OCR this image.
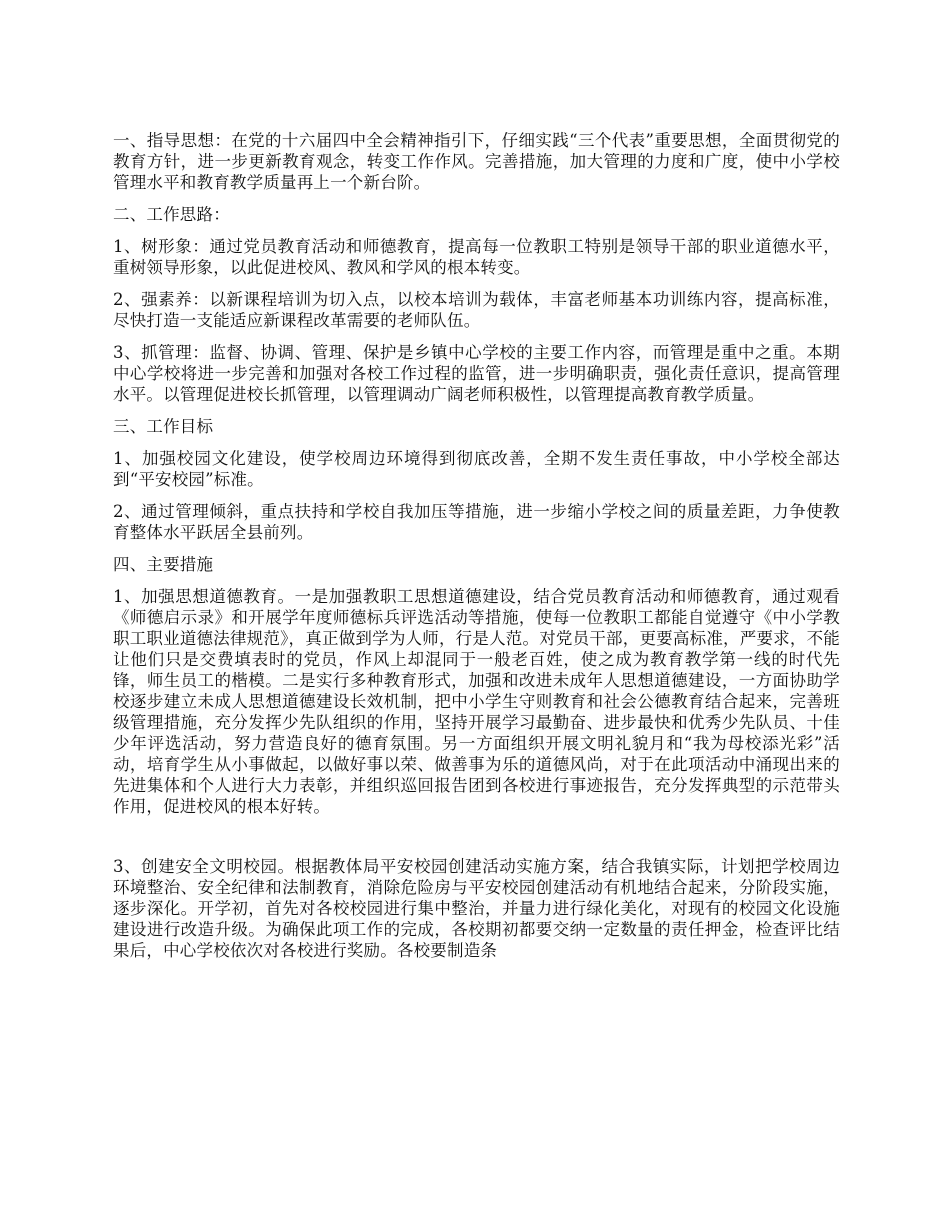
一、指导思想：在党的十六届四中全会精神指引下，仔细实践“三个代表”重要思想，全面贯彻党的教育方针，进一步更新教育观念，转变工作作风。完善措施，加大管理的力度和广度，使中小学校管理水平和教育教学质量再上一个新台阶。

二、工作思路：

1、树形象：通过党员教育活动和师德教育，提高每一位教职工特别是领导干部的职业道德水平，重树领导形象，以此促进校风、教风和学风的根本转变。

2、强素养：以新课程培训为切入点，以校本培训为载体，丰富老师基本功训练内容，提高标准，尽快打造一支能适应新课程改革需要的老师队伍。

3、抓管理：监督、协调、管理、保护是乡镇中心学校的主要工作内容，而管理是重中之重。本期中心学校将进一步完善和加强对各校工作过程的监管，进一步明确职责，强化责任意识，提高管理水平。以管理促进校长抓管理，以管理调动广阔老师积极性，以管理提高教育教学质量。

三、工作目标

1、加强校园文化建设，使学校周边环境得到彻底改善，全期不发生责任事故，中小学校全部达到“平安校园”标准。

2、通过管理倾斜，重点扶持和学校自我加压等措施，进一步缩小学校之间的质量差距，力争使教育整体水平跃居全县前列。

四、主要措施

1、加强思想道德教育。一是加强教职工思想道德建设，结合党员教育活动和师德教育，通过观看《师德启示录》和开展学年度师德标兵评选活动等措施，使每一位教职工都能自觉遵守《中小学教职工职业道德法律规范》，真正做到学为人师，行是人范。对党员干部，更要高标准，严要求，不能让他们只是交费填表时的党员，作风上却混同于一般老百姓，使之成为教育教学第一线的时代先锋，师生员工的楷模。二是实行多种教育形式，加强和改进未成年人思想道德建设，一方面协助学校逐步建立未成人思想道德建设长效机制，把中小学生守则教育和社会公德教育结合起来，完善班级管理措施，充分发挥少先队组织的作用，坚持开展学习最勤奋、进步最快和优秀少先队员、十佳少年评选活动，努力营造良好的德育氛围。另一方面组织开展文明礼貌月和“我为母校添光彩”活动，培育学生从小事做起，以做好事以荣、做善事为乐的道德风尚，对于在此项活动中涌现出来的先进集体和个人进行大力表彰，并组织巡回报告团到各校进行事迹报告，充分发挥典型的示范带头作用，促进校风的根本好转。

3、创建安全文明校园。根据教体局平安校园创建活动实施方案，结合我镇实际，计划把学校周边环境整治、安全纪律和法制教育，消除危险房与平安校园创建活动有机地结合起来，分阶段实施，逐步深化。开学初，首先对各校校园进行集中整治，并量力进行绿化美化，对现有的校园文化设施建设进行改造升级。为确保此项工作的完成，各校期初都要交纳一定数量的责任押金，检查评比结果后，中心学校依次对各校进行奖励。各校要制造条
